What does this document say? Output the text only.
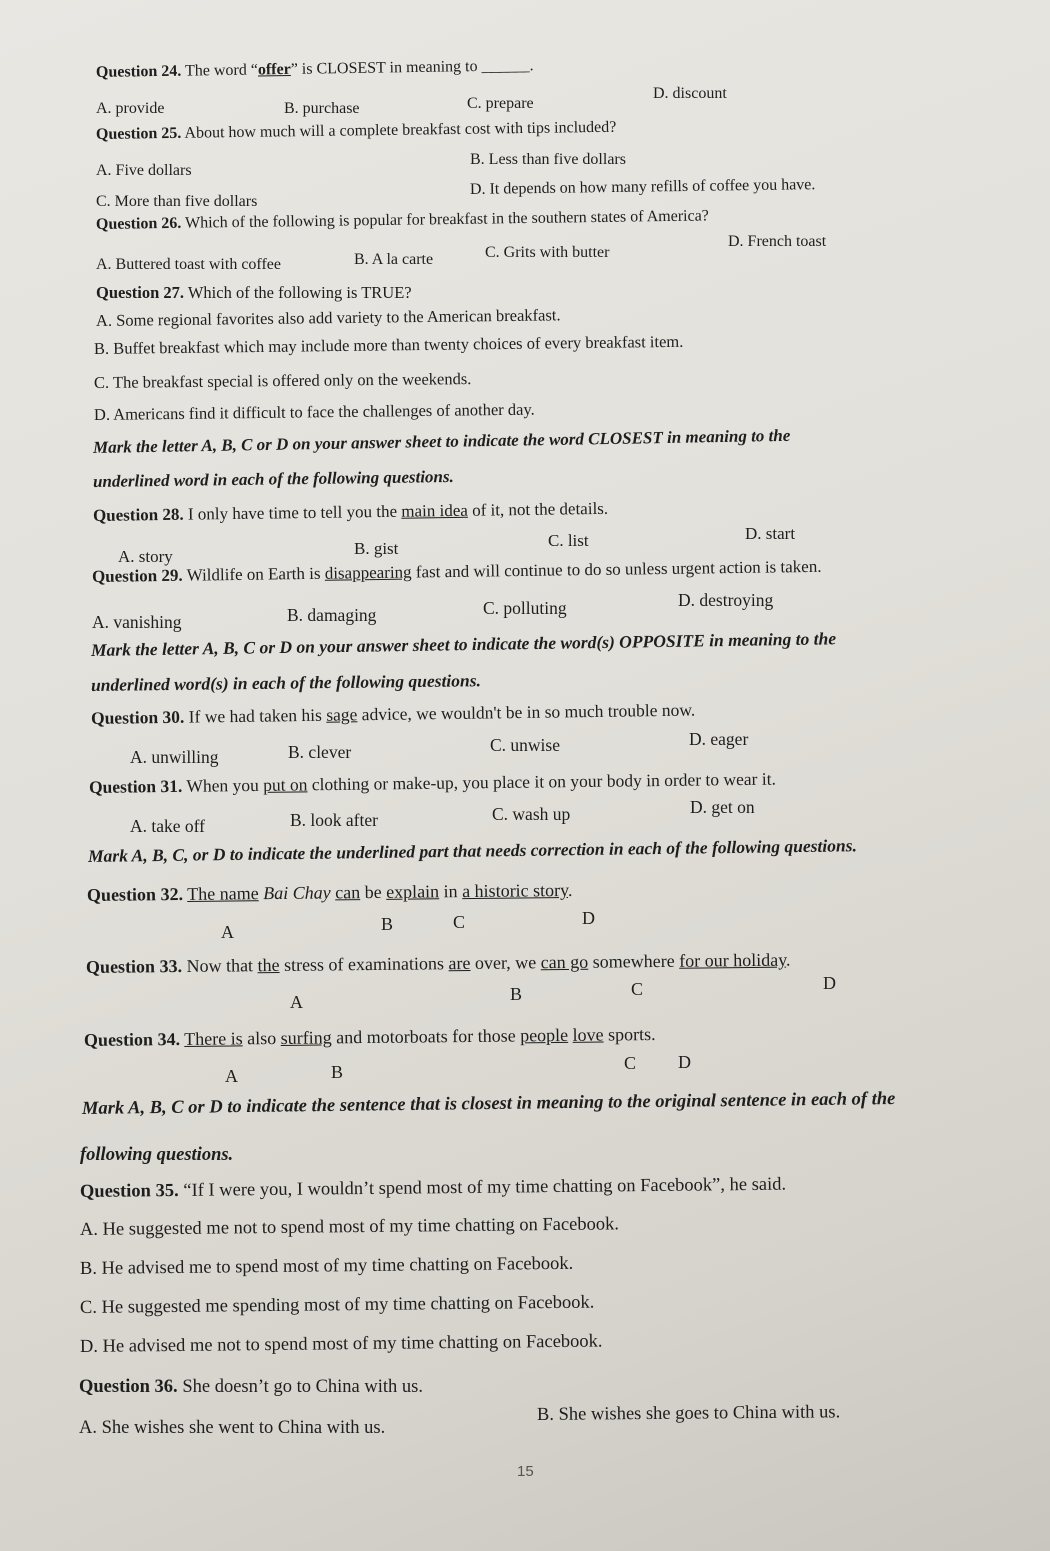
Question 24. The word “offer” is CLOSEST in meaning to ______.
A. provide	B. purchase	C. prepare
D. discount
Question 25. About how much will a complete breakfast cost with tips included?
A. Five dollars
B. Less than five dollars
C. More than five dollars
D. It depends on how many refills of coffee you have.
Question 26. Which of the following is popular for breakfast in the southern states of America?
A. Buttered toast with coffee	B. A la carte	C. Grits with butter
D. French toast
Question 27. Which of the following is TRUE?
A. Some regional favorites also add variety to the American breakfast.
B. Buffet breakfast which may include more than twenty choices of every breakfast item.
C. The breakfast special is offered only on the weekends.
D. Americans find it difficult to face the challenges of another day.
Mark the letter A, B, C or D on your answer sheet to indicate the word CLOSEST in meaning to the
underlined word in each of the following questions.
Question 28. I only have time to tell you the main idea of it, not the details.
A. story	B. gist	C. list	D. start
Question 29. Wildlife on Earth is disappearing fast and will continue to do so unless urgent action is taken.
A. vanishing	B. damaging	C. polluting	D. destroying
Mark the letter A, B, C or D on your answer sheet to indicate the word(s) OPPOSITE in meaning to the
underlined word(s) in each of the following questions.
Question 30. If we had taken his sage advice, we wouldn't be in so much trouble now.
A. unwilling	B. clever	C. unwise	D. eager
Question 31. When you put on clothing or make-up, you place it on your body in order to wear it.
A. take off	B. look after	C. wash up	D. get on
Mark A, B, C, or D to indicate the underlined part that needs correction in each of the following questions.
Question 32. The name Bai Chay can be explain in a historic story.
A	B	C	D
Question 33. Now that the stress of examinations are over, we can go somewhere for our holiday.
A	B	C	D
Question 34. There is also surfing and motorboats for those people love sports.
A	B	C D
Mark A, B, C or D to indicate the sentence that is closest in meaning to the original sentence in each of the
following questions.
Question 35. “If I were you, I wouldn’t spend most of my time chatting on Facebook”, he said.
A. He suggested me not to spend most of my time chatting on Facebook.
B. He advised me to spend most of my time chatting on Facebook.
C. He suggested me spending most of my time chatting on Facebook.
D. He advised me not to spend most of my time chatting on Facebook.
Question 36. She doesn’t go to China with us.
A. She wishes she went to China with us.
B. She wishes she goes to China with us.
15
